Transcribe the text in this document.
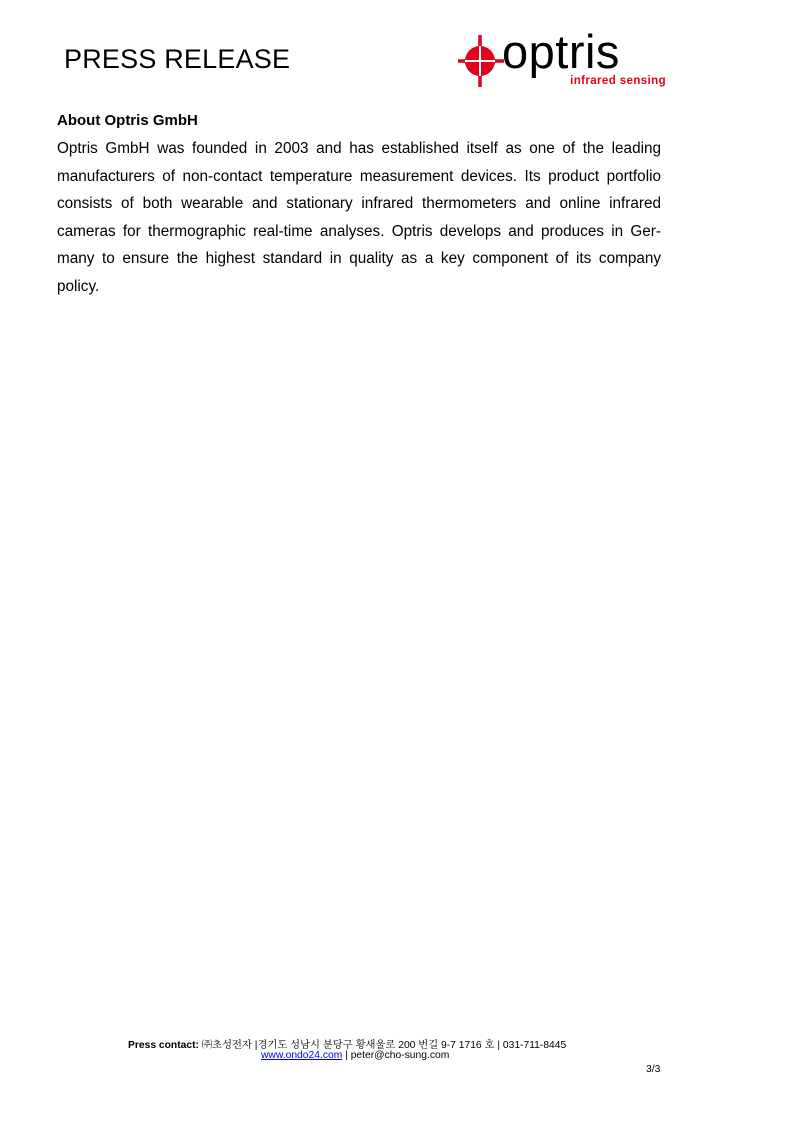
PRESS RELEASE	optris
infrared sensing
About Optris GmbH
Optris GmbH was founded in 2003 and has established itself as one of the leading
manufacturers of non-contact temperature measurement devices. Its product portfolio
consists of both wearable and stationary infrared thermometers and online infrared
cameras for thermographic real-time analyses. Optris develops and produces in Ger-
many to ensure the highest standard in quality as a key component of its company
policy.
Press contact: ㈜초성전자 |경기도 성남시 분당구 황새울로 200 번길 9-7 1716 호 | 031-711-8445
www.ondo24.com | peter@cho-sung.com
3/3
